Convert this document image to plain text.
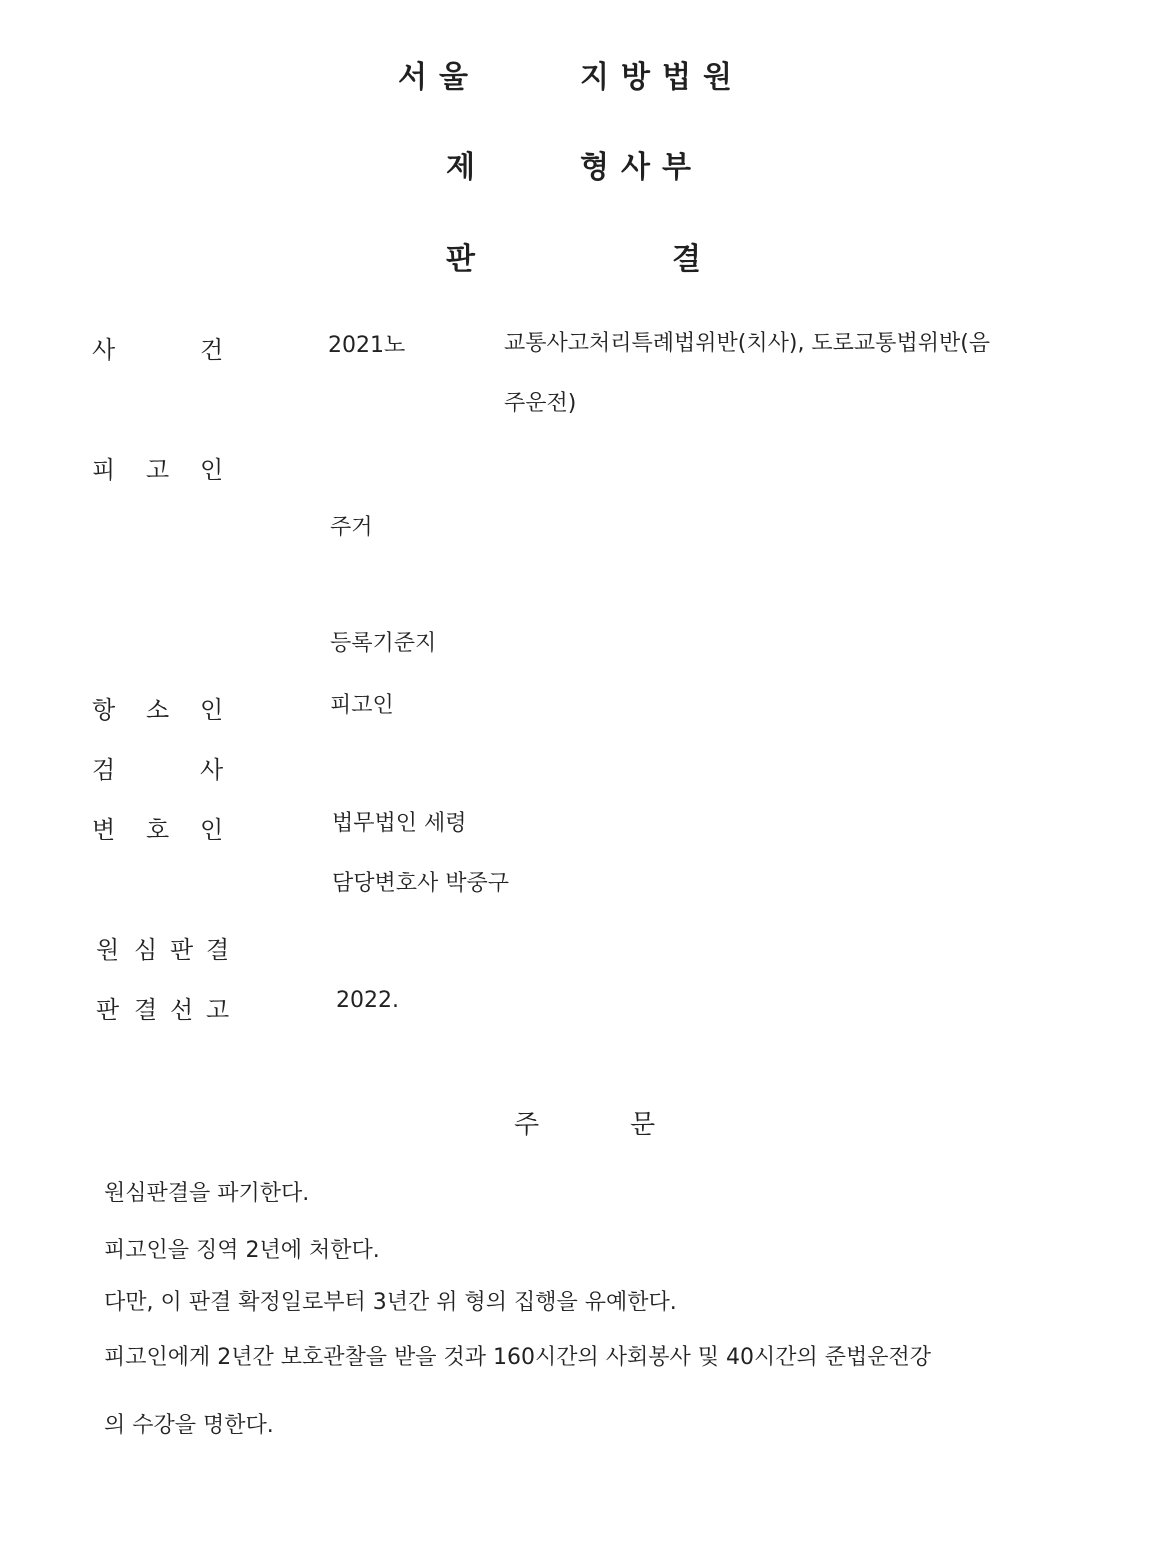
서울	지방법원
제	형사부
판	결
사	건	2021노	교통사고처리특례법위반(치사), 도로교통법위반(음
주운전)
피 고 인
주거
등록기준지
항 소 인	피고인
검	사
변 호 인	법무법인 세령
담당변호사 박중구
원 심 판 결
판 결 선 고	2022.
주	문
원심판결을 파기한다.
피고인을 징역 2년에 처한다.
다만, 이 판결 확정일로부터 3년간 위 형의 집행을 유예한다.
피고인에게 2년간 보호관찰을 받을 것과 160시간의 사회봉사 및 40시간의 준법운전강
의 수강을 명한다.
